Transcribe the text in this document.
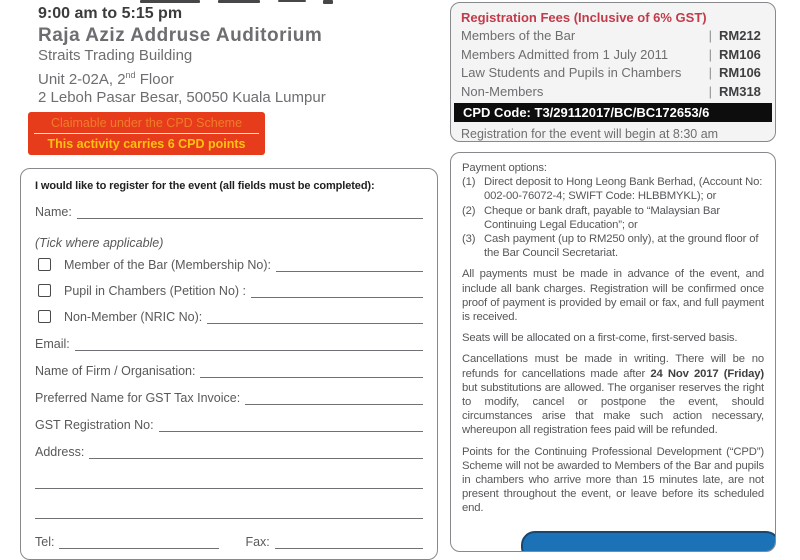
9:00 am to 5:15 pm
Raja Aziz Addruse Auditorium
Straits Trading Building
Unit 2-02A, 2nd Floor
2 Leboh Pasar Besar, 50050 Kuala Lumpur
Claimable under the CPD Scheme
This activity carries 6 CPD points
I would like to register for the event (all fields must be completed):
Name:
(Tick where applicable)
Member of the Bar (Membership No):
Pupil in Chambers (Petition No) :
Non-Member (NRIC No):
Email:
Name of Firm / Organisation:
Preferred Name for GST Tax Invoice:
GST Registration No:
Address:
Tel:	Fax:
Registration Fees (Inclusive of 6% GST)
Members of the Bar	| RM212
Members Admitted from 1 July 2011	| RM106
Law Students and Pupils in Chambers	| RM106
Non-Members	| RM318
CPD Code: T3/29112017/BC/BC172653/6
Registration for the event will begin at 8:30 am
Payment options:
(1) Direct deposit to Hong Leong Bank Berhad, (Account No: 002-00-76072-4; SWIFT Code: HLBBMYKL); or
(2) Cheque or bank draft, payable to “Malaysian Bar Continuing Legal Education”; or
(3) Cash payment (up to RM250 only), at the ground floor of the Bar Council Secretariat.
All payments must be made in advance of the event, and include all bank charges. Registration will be confirmed once proof of payment is provided by email or fax, and full payment is received.
Seats will be allocated on a first-come, first-served basis.
Cancellations must be made in writing. There will be no refunds for cancellations made after 24 Nov 2017 (Friday) but substitutions are allowed. The organiser reserves the right to modify, cancel or postpone the event, should circumstances arise that make such action necessary, whereupon all registration fees paid will be refunded.
Points for the Continuing Professional Development (“CPD”) Scheme will not be awarded to Members of the Bar and pupils in chambers who arrive more than 15 minutes late, are not present throughout the event, or leave before its scheduled end.
